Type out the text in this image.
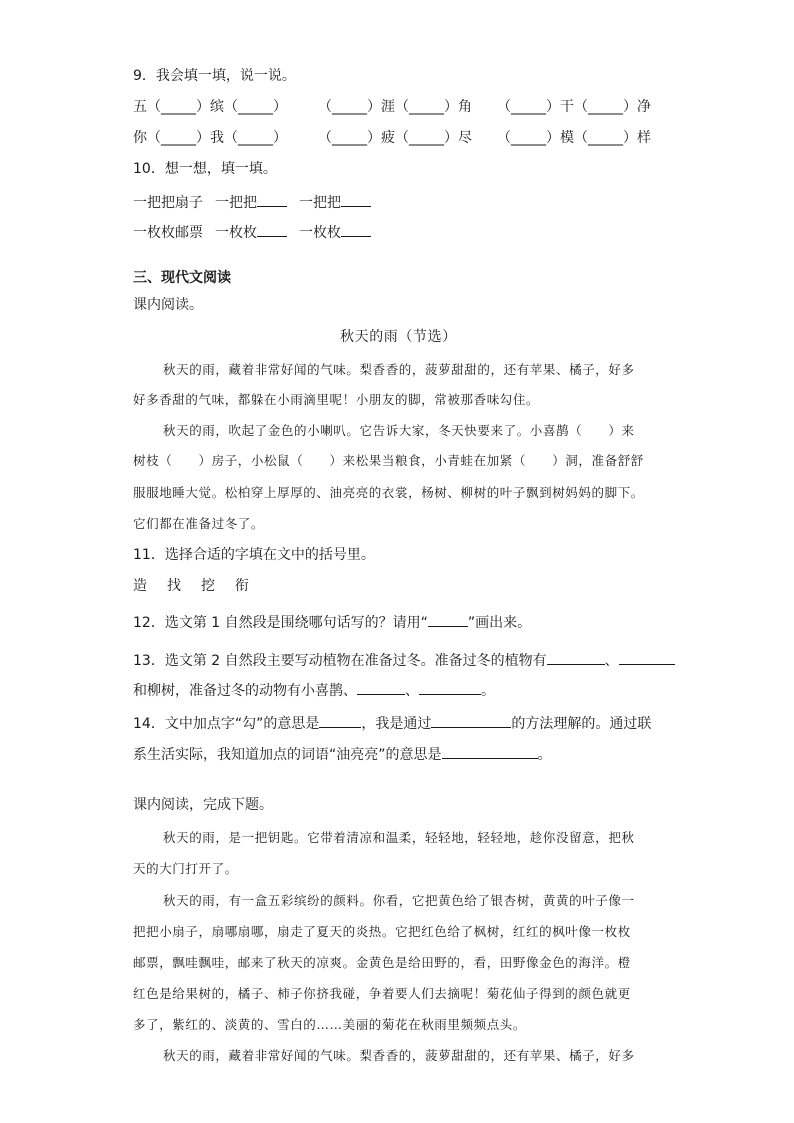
9．我会填一填，说一说。
五（_____）缤（_____） （_____）涯（_____）角 （_____）干（_____）净
你（_____）我（_____） （_____）疲（_____）尽 （_____）模（_____）样
10．想一想，填一填。
一把把扇子 一把把	一把把
一枚枚邮票 一枚枚	一枚枚
三、现代文阅读
课内阅读。
秋天的雨（节选）
秋天的雨，藏着非常好闻的气味。梨香香的，菠萝甜甜的，还有苹果、橘子，好多
好多香甜的气味，都躲在小雨滴里呢！小朋友的脚，常被那香味勾住。
秋天的雨，吹起了金色的小喇叭。它告诉大家，冬天快要来了。小喜鹊（　　）来
树枝（　　）房子，小松鼠（　　）来松果当粮食，小青蛙在加紧（　　）洞，准备舒舒
服服地睡大觉。松柏穿上厚厚的、油亮亮的衣裳，杨树、柳树的叶子飘到树妈妈的脚下。
它们都在准备过冬了。
11．选择合适的字填在文中的括号里。
造 找 挖 衔
12．选文第 1 自然段是围绕哪句话写的？请用“	”画出来。
13．选文第 2 自然段主要写动植物在准备过冬。准备过冬的植物有	、
和柳树，准备过冬的动物有小喜鹊、	、	。
14．文中加点字“勾”的意思是	，我是通过	的方法理解的。通过联
系生活实际，我知道加点的词语“油亮亮”的意思是	。
课内阅读，完成下题。
秋天的雨，是一把钥匙。它带着清凉和温柔，轻轻地，轻轻地，趁你没留意，把秋
天的大门打开了。
秋天的雨，有一盒五彩缤纷的颜料。你看，它把黄色给了银杏树，黄黄的叶子像一
把把小扇子，扇哪扇哪，扇走了夏天的炎热。它把红色给了枫树，红红的枫叶像一枚枚
邮票，飘哇飘哇，邮来了秋天的凉爽。金黄色是给田野的，看，田野像金色的海洋。橙
红色是给果树的，橘子、柿子你挤我碰，争着要人们去摘呢！菊花仙子得到的颜色就更
多了，紫红的、淡黄的、雪白的……美丽的菊花在秋雨里频频点头。
秋天的雨，藏着非常好闻的气味。梨香香的，菠萝甜甜的，还有苹果、橘子，好多
